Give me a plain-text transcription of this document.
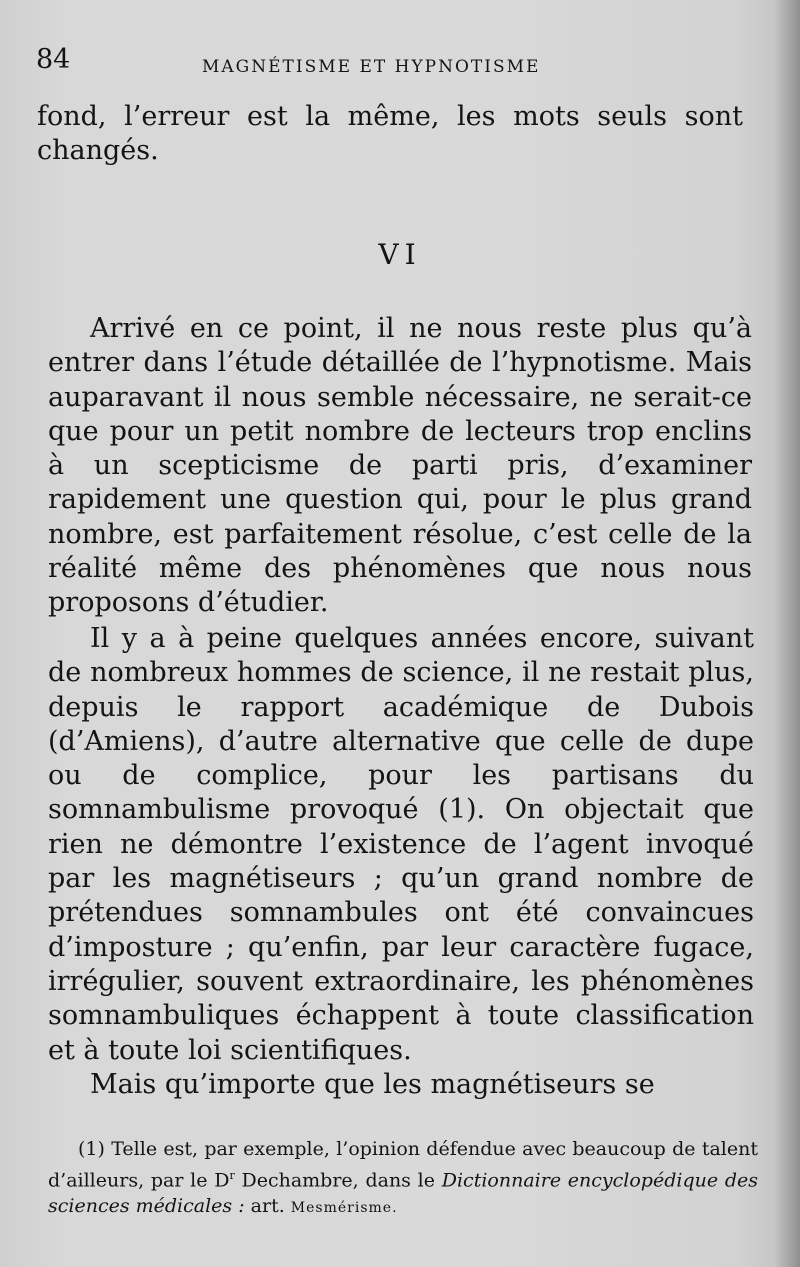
84	MAGNÉTISME ET HYPNOTISME

fond, l’erreur est la même, les mots seuls sont changés.

VI

Arrivé en ce point, il ne nous reste plus qu’à entrer dans l’étude détaillée de l’hypnotisme. Mais auparavant il nous semble nécessaire, ne serait-ce que pour un petit nombre de lecteurs trop enclins à un scepticisme de parti pris, d’examiner rapidement une question qui, pour le plus grand nombre, est parfaitement résolue, c’est celle de la réalité même des phénomènes que nous nous proposons d’étudier.

Il y a à peine quelques années encore, suivant de nombreux hommes de science, il ne restait plus, depuis le rapport académique de Dubois (d’Amiens), d’autre alternative que celle de dupe ou de complice, pour les partisans du somnambulisme provoqué (1). On objectait que rien ne démontre l’existence de l’agent invoqué par les magnétiseurs ; qu’un grand nombre de prétendues somnambules ont été convaincues d’imposture ; qu’enfin, par leur caractère fugace, irrégulier, souvent extraordinaire, les phénomènes somnambuliques échappent à toute classification et à toute loi scientifiques.

Mais qu’importe que les magnétiseurs se

(1) Telle est, par exemple, l’opinion défendue avec beaucoup de talent d’ailleurs, par le $D^r$ Dechambre, dans le Dictionnaire encyclopédique des sciences médicales : art. Mesmérisme.
